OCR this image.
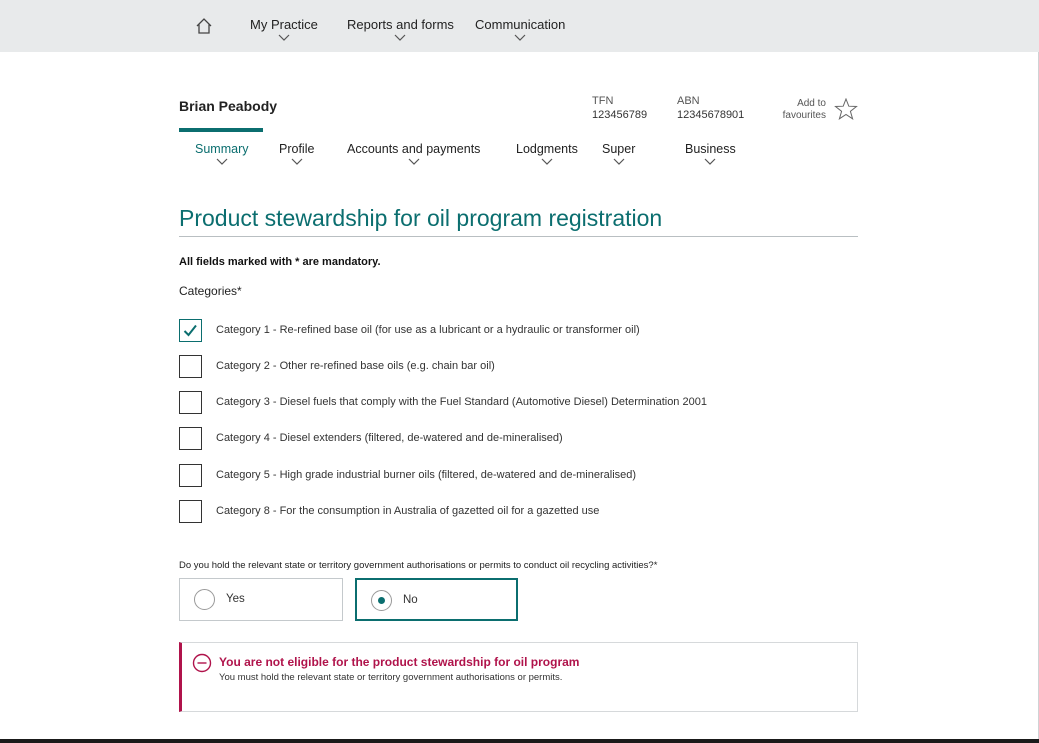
My Practice Reports and forms Communication
Brian Peabody	TFN
123456789
ABN
12345678901
Add to
favourites
Summary Profile	Accounts and payments	Lodgments Super	Business
Product stewardship for oil program registration
All fields marked with * are mandatory.
Categories*
Category 1 - Re-refined base oil (for use as a lubricant or a hydraulic or transformer oil)
Category 2 - Other re-refined base oils (e.g. chain bar oil)
Category 3 - Diesel fuels that comply with the Fuel Standard (Automotive Diesel) Determination 2001
Category 4 - Diesel extenders (filtered, de-watered and de-mineralised)
Category 5 - High grade industrial burner oils (filtered, de-watered and de-mineralised)
Category 8 - For the consumption in Australia of gazetted oil for a gazetted use
Do you hold the relevant state or territory government authorisations or permits to conduct oil recycling activities?*
Yes	No
You are not eligible for the product stewardship for oil program
You must hold the relevant state or territory government authorisations or permits.
